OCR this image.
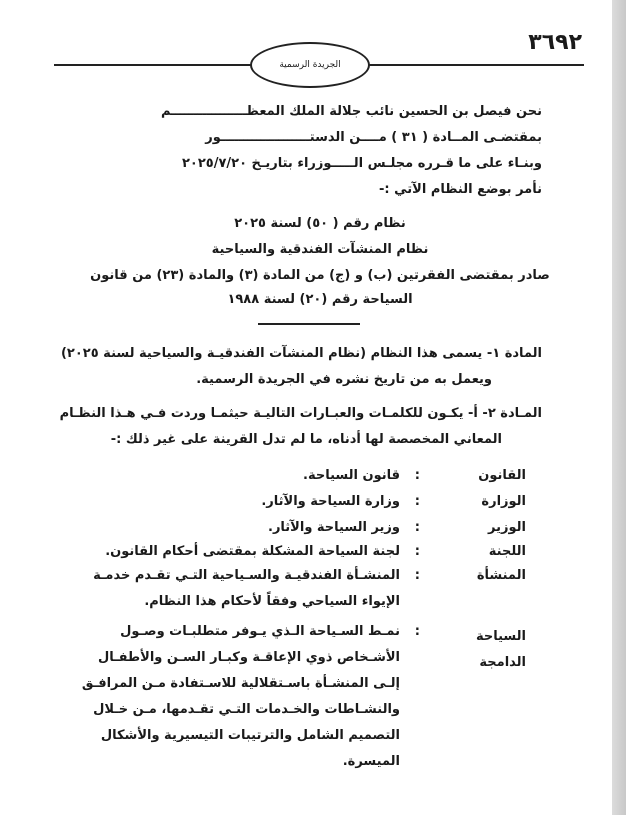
٣٦٩٢
الجريدة الرسمية
نحن فيصل بن الحسين نائب جلالة الملك المعظـــــــــــــــــم
بمقتضـى المــادة ( ٣١ ) مــــن الدستــــــــــــــــــــور
وبنـاء على ما قـرره مجلـس الـــــوزراء بتاريـخ ٢٠٢٥/٧/٢٠
نأمر بوضع النظام الآتي :-
نظام رقم ( ٥٠) لسنة ٢٠٢٥
نظام المنشآت الفندقية والسياحية
صادر بمقتضى الفقرتين (ب) و (ج) من المادة (٣) والمادة (٢٣) من قانون
السياحة رقم (٢٠) لسنة ١٩٨٨
المادة ١- يسمى هذا النظام (نظام المنشآت الفندقيـة والسياحية لسنة ٢٠٢٥)
ويعمل به من تاريخ نشره في الجريدة الرسمية.
المـادة ٢- أ- يكـون للكلمـات والعبـارات التاليـة حيثمـا وردت فـي هـذا النظـام
المعاني المخصصة لها أدناه، ما لم تدل القرينة على غير ذلك :-
القانون
:
قانون السياحة.
الوزارة
:
وزارة السياحة والآثار.
الوزير
:
وزير السياحة والآثار.
اللجنة
:
لجنة السياحة المشكلة بمقتضى أحكام القانون.
المنشأة
:
المنشـأة الفندقيـة والسـياحية التـي تقـدم خدمـة
الإيواء السياحي وفقاً لأحكام هذا النظام.
السياحة الدامجة
:
نمـط السـياحة الـذي يـوفر متطلبـات وصـول
الأشـخاص ذوي الإعاقـة وكبـار السـن والأطفـال
إلـى المنشـأة باسـتقلالية للاسـتفادة مـن المرافـق
والنشـاطات والخـدمات التـي تقـدمها، مـن خـلال
التصميم الشامل والترتيبات التيسيرية والأشكال
الميسرة.
